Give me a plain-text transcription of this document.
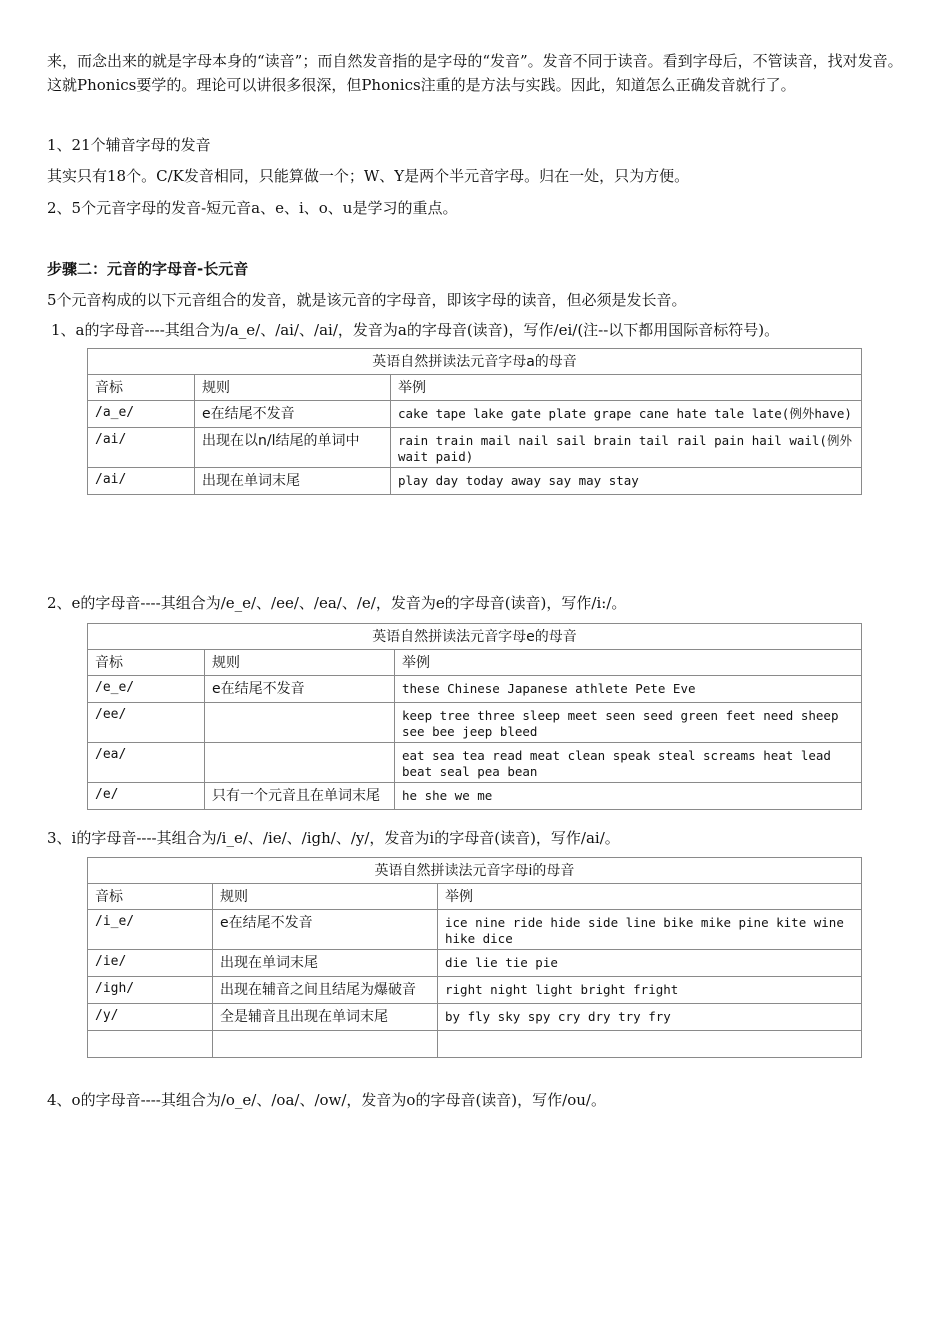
来，而念出来的就是字母本身的“读音”；而自然发音指的是字母的“发音”。发音不同于读音。看到字母后，不管读音，找对发音。这就Phonics要学的。理论可以讲很多很深，但Phonics注重的是方法与实践。因此，知道怎么正确发音就行了。

1、21个辅音字母的发音

其实只有18个。C/K发音相同，只能算做一个；W、Y是两个半元音字母。归在一处，只为方便。

2、5个元音字母的发音-短元音a、e、i、o、u是学习的重点。

步骤二：元音的字母音-长元音

5个元音构成的以下元音组合的发音，就是该元音的字母音，即该字母的读音，但必须是发长音。

1、a的字母音----其组合为/a_e/、/ai/、/ai/，发音为a的字母音(读音)，写作/ei/(注--以下都用国际音标符号)。

英语自然拼读法元音字母a的母音		
音标	规则	举例
/a_e/	e在结尾不发音	cake tape lake gate plate grape cane hate tale late(例外have)
/ai/	出现在以n/l结尾的单词中	rain train mail nail sail brain tail rail pain hail wail(例外wait paid)
/ai/	出现在单词末尾	play day today away say may stay

2、e的字母音----其组合为/e_e/、/ee/、/ea/、/e/，发音为e的字母音(读音)，写作/i:/。

英语自然拼读法元音字母e的母音		
音标	规则	举例
/e_e/	e在结尾不发音	these Chinese Japanese athlete Pete Eve
/ee/		keep tree three sleep meet seen seed green feet need sheep see bee jeep bleed
/ea/		eat sea tea read meat clean speak steal screams heat lead beat seal pea bean
/e/	只有一个元音且在单词末尾	he she we me

3、i的字母音----其组合为/i_e/、/ie/、/igh/、/y/，发音为i的字母音(读音)，写作/ai/。

英语自然拼读法元音字母i的母音		
音标	规则	举例
/i_e/	e在结尾不发音	ice nine ride hide side line bike mike pine kite wine hike dice
/ie/	出现在单词末尾	die lie tie pie
/igh/	出现在辅音之间且结尾为爆破音	right night light bright fright
/y/	全是辅音且出现在单词末尾	by fly sky spy cry dry try fry

4、o的字母音----其组合为/o_e/、/oa/、/ow/，发音为o的字母音(读音)，写作/ou/。
